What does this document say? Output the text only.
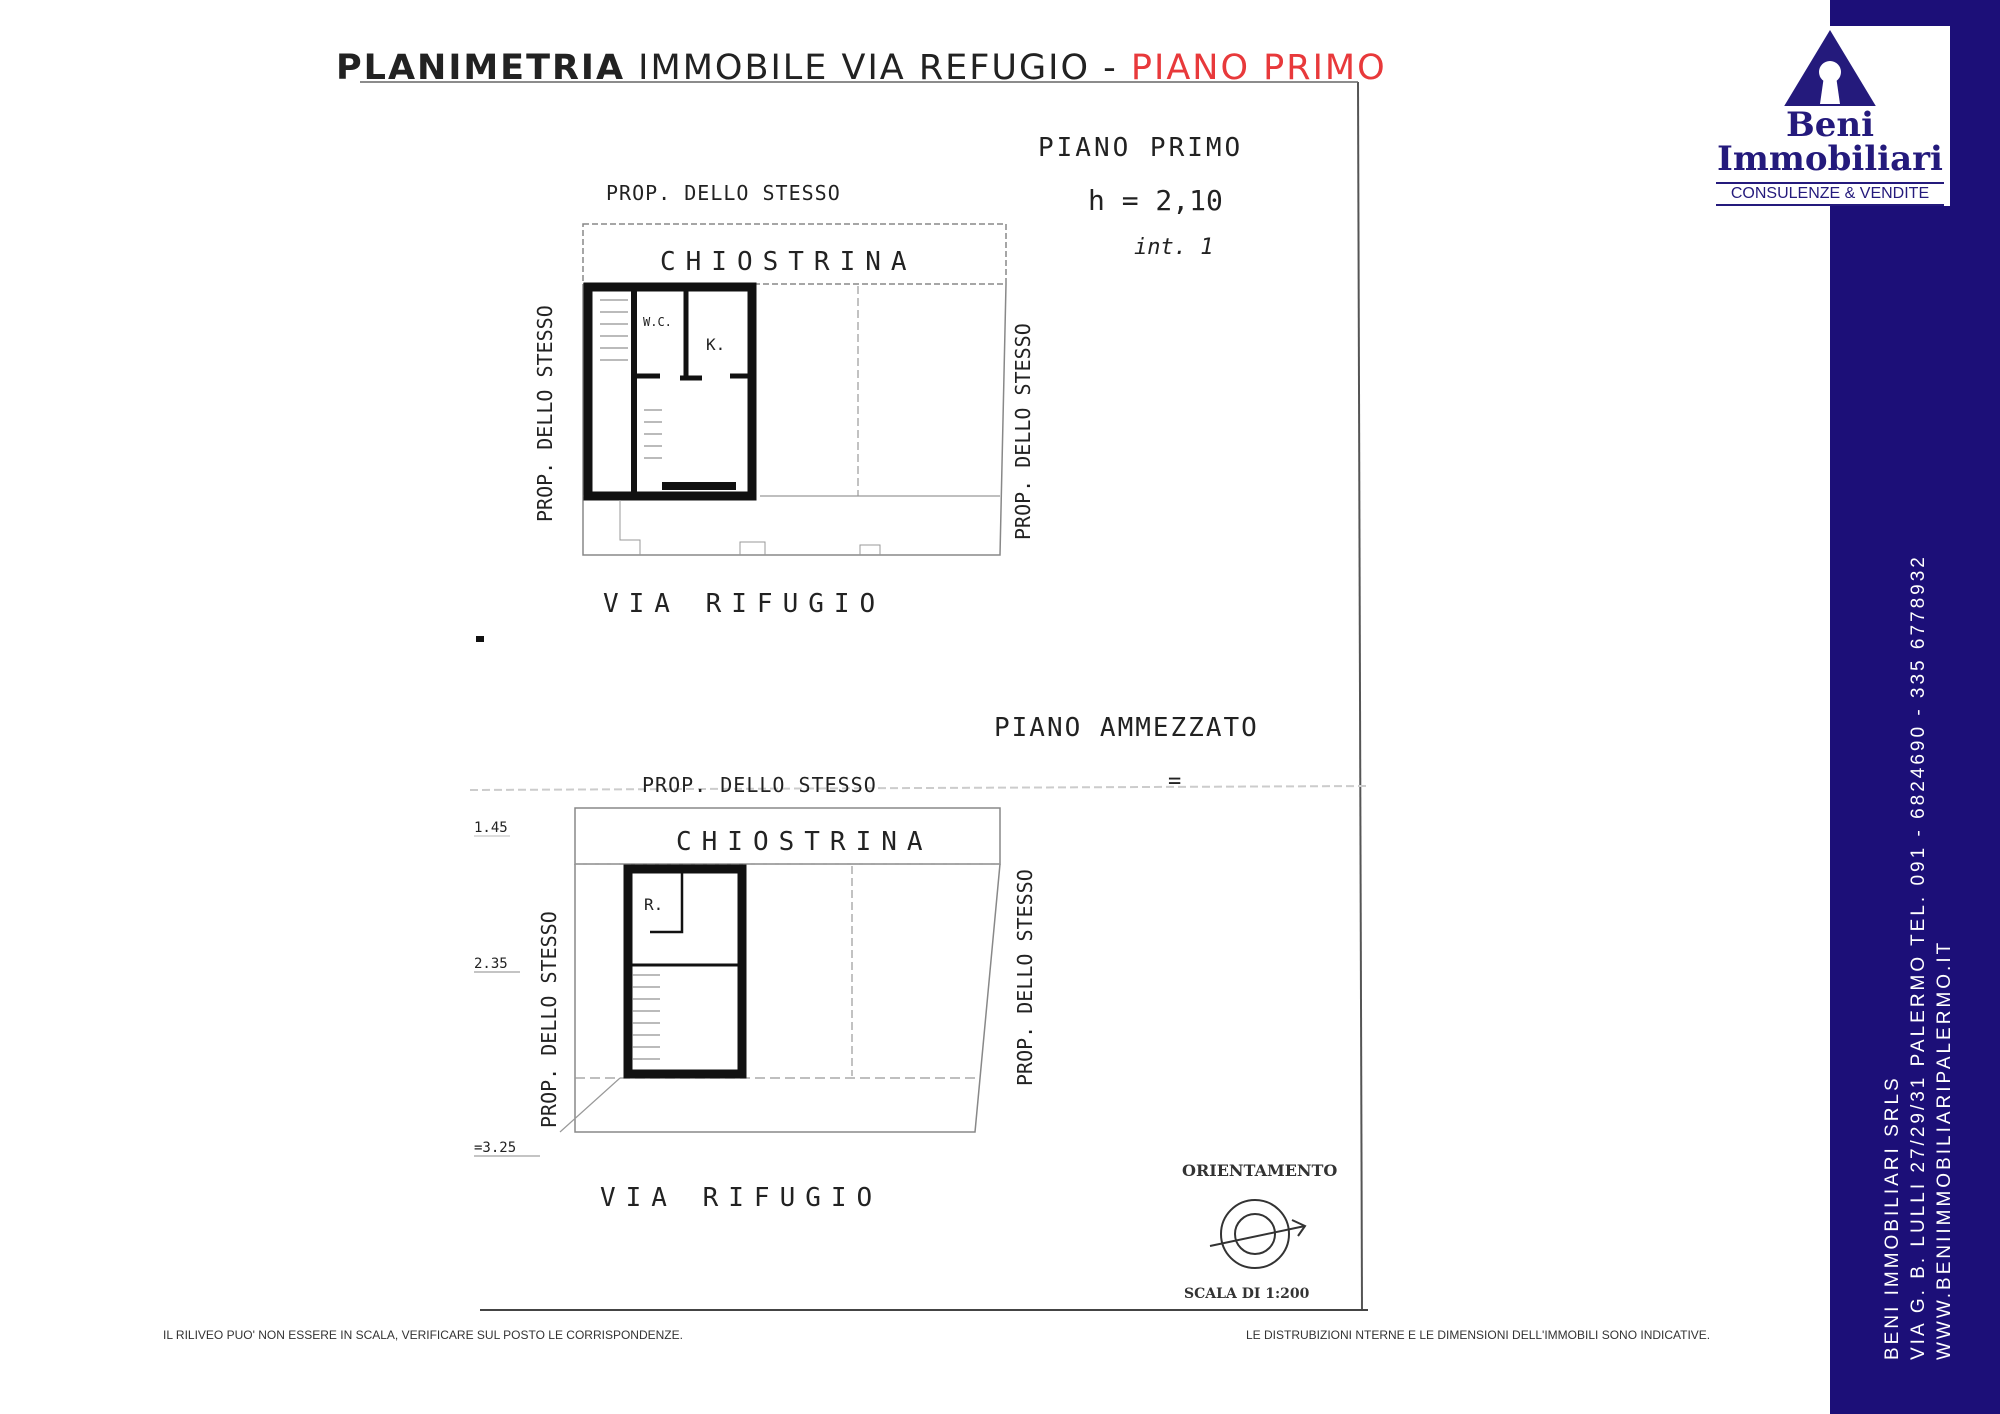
PLANIMETRIA IMMOBILE VIA REFUGIO - PIANO PRIMO
PIANO PRIMO
h = 2,10
int. 1
PROP. DELLO STESSO
CHIOSTRINA
PROP. DELLO STESSO	PROP. DELLO STESSO
W.C.
K.
VIA RIFUGIO
PIANO AMMEZZATO
=
PROP. DELLO STESSO
CHIOSTRINA
PROP. DELLO STESSO	PROP. DELLO STESSO
R.
VIA RIFUGIO
1.45
2.35
=3.25
ORIENTAMENTO
SCALA DI 1:200
Beni
Immobiliari
CONSULENZE & VENDITE
BENI IMMOBILIARI SRLS VIA G. B. LULLI 27/29/31 PALERMO TEL. 091 - 6824690 - 335 6778932 WWW.BENIIMMOBILIARIPALERMO.IT
IL RILIVEO PUO' NON ESSERE IN SCALA, VERIFICARE SUL POSTO LE CORRISPONDENZE.	LE DISTRUBIZIONI NTERNE E LE DIMENSIONI DELL'IMMOBILI SONO INDICATIVE.
